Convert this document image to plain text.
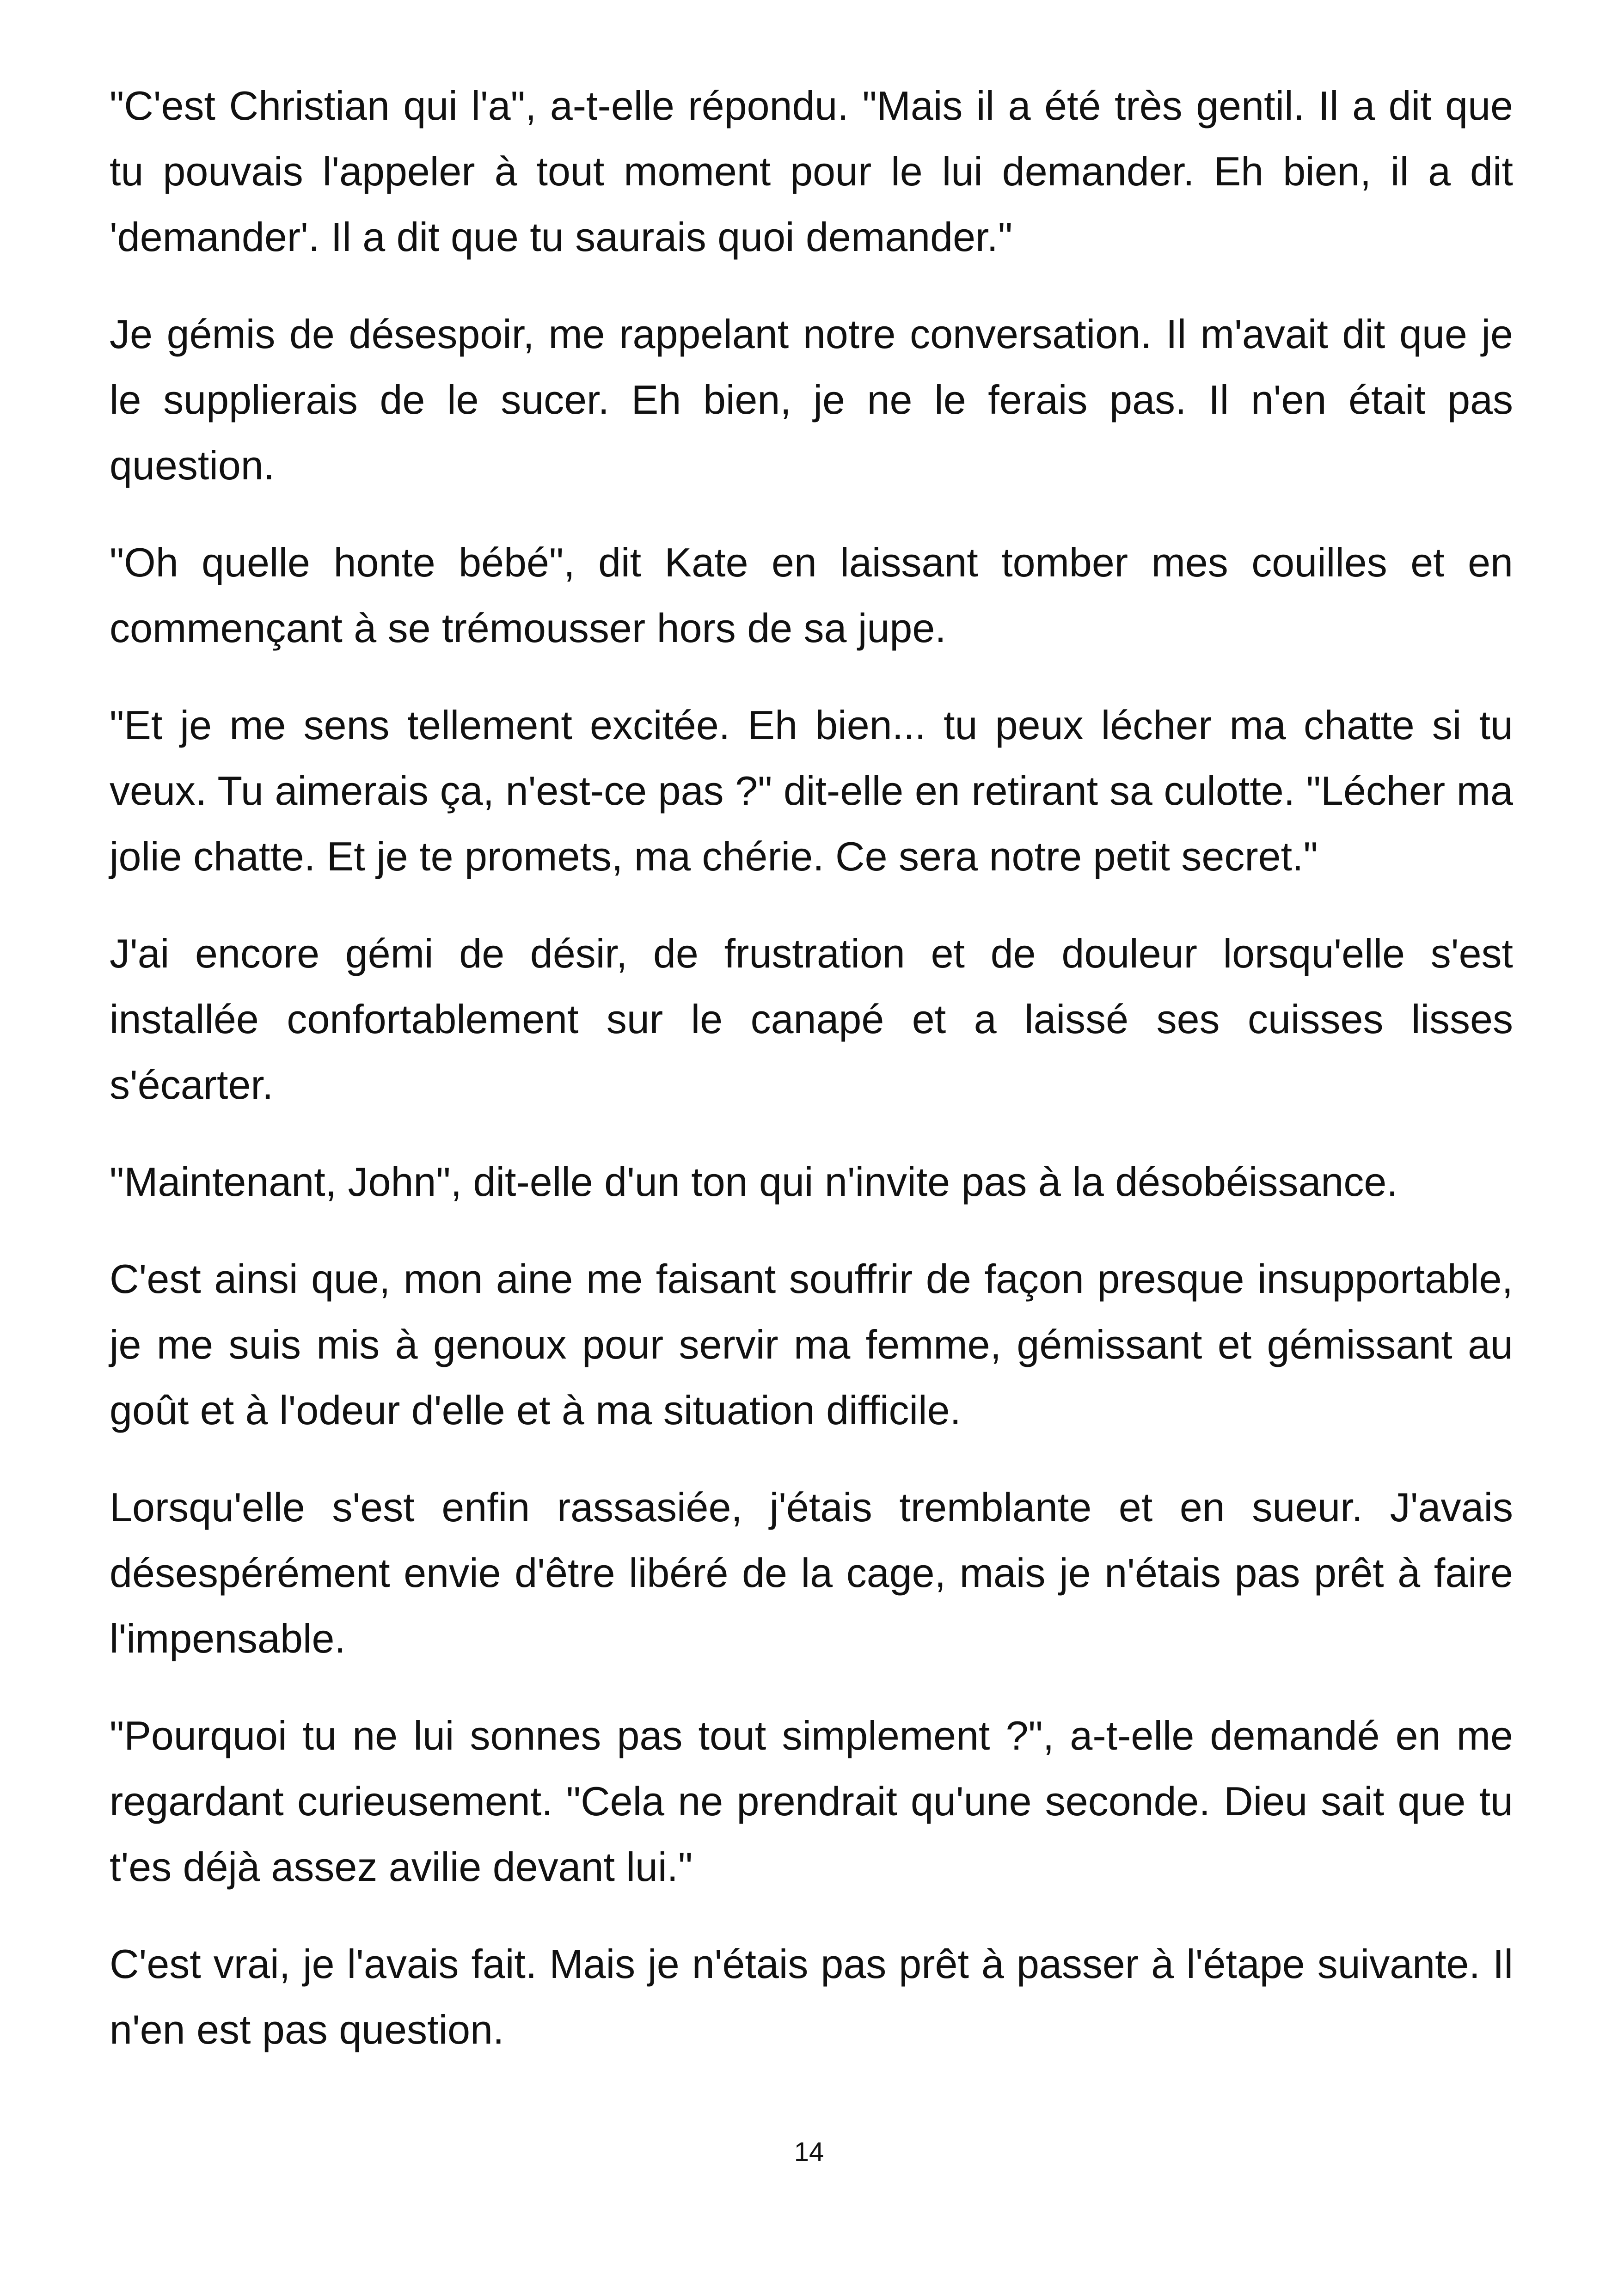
"C'est Christian qui l'a", a-t-elle répondu. "Mais il a été très gentil. Il a dit que tu pouvais l'appeler à tout moment pour le lui demander. Eh bien, il a dit 'demander'. Il a dit que tu saurais quoi demander."

Je gémis de désespoir, me rappelant notre conversation. Il m'avait dit que je le supplierais de le sucer. Eh bien, je ne le ferais pas. Il n'en était pas question.

"Oh quelle honte bébé", dit Kate en laissant tomber mes couilles et en commençant à se trémousser hors de sa jupe.

"Et je me sens tellement excitée. Eh bien... tu peux lécher ma chatte si tu veux. Tu aimerais ça, n'est-ce pas ?" dit-elle en retirant sa culotte. "Lécher ma jolie chatte. Et je te promets, ma chérie. Ce sera notre petit secret."

J'ai encore gémi de désir, de frustration et de douleur lorsqu'elle s'est installée confortablement sur le canapé et a laissé ses cuisses lisses s'écarter.

"Maintenant, John", dit-elle d'un ton qui n'invite pas à la désobéissance.

C'est ainsi que, mon aine me faisant souffrir de façon presque insupportable, je me suis mis à genoux pour servir ma femme, gémissant et gémissant au goût et à l'odeur d'elle et à ma situation difficile.

Lorsqu'elle s'est enfin rassasiée, j'étais tremblante et en sueur. J'avais désespérément envie d'être libéré de la cage, mais je n'étais pas prêt à faire l'impensable.

"Pourquoi tu ne lui sonnes pas tout simplement ?", a-t-elle demandé en me regardant curieusement. "Cela ne prendrait qu'une seconde. Dieu sait que tu t'es déjà assez avilie devant lui."

C'est vrai, je l'avais fait. Mais je n'étais pas prêt à passer à l'étape suivante. Il n'en est pas question.

14
